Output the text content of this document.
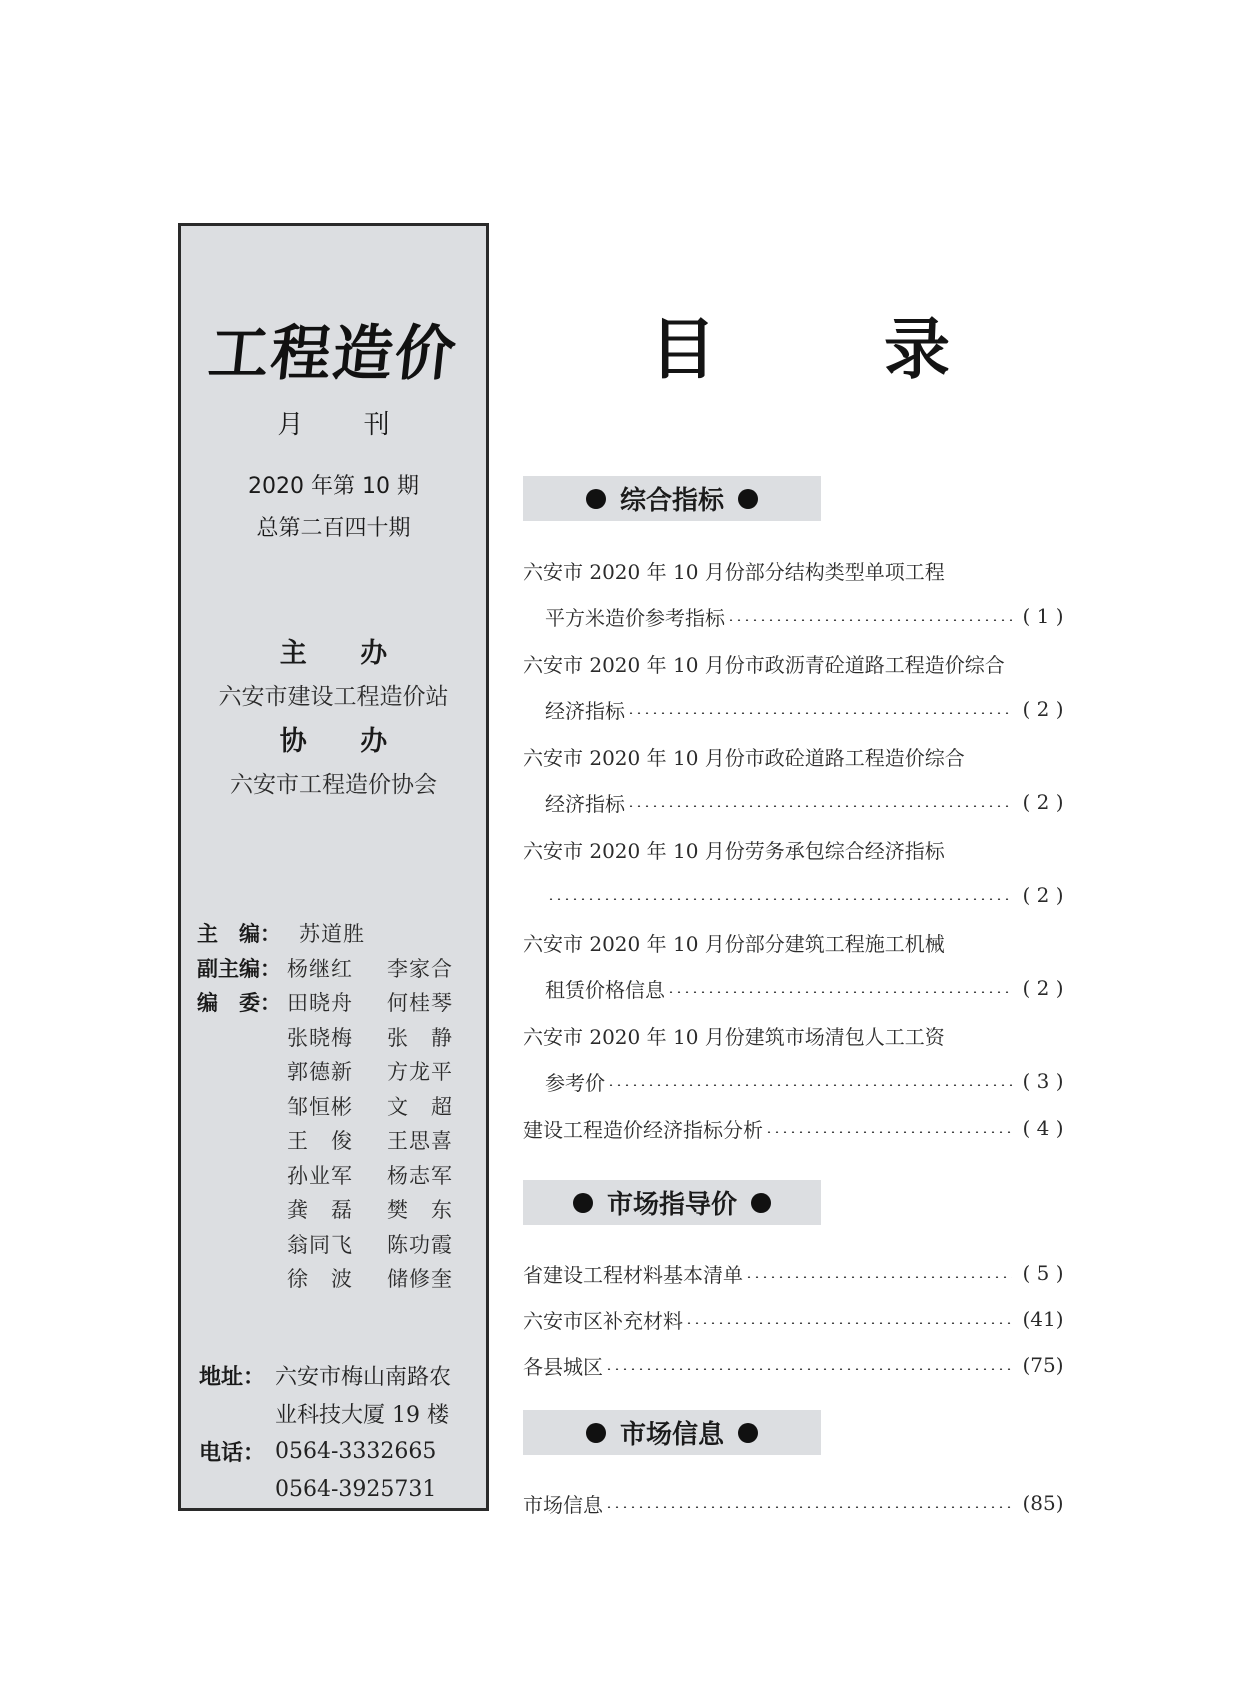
工程造价
月 刊
2020 年第 10 期
总第二百四十期
主 办
六安市建设工程造价站
协 办
六安市工程造价协会
主　编： 苏道胜
副主编： 杨继红	李家合
编　委： 田晓舟	何桂琴
张晓梅	张　静
郭德新	方龙平
邹恒彬	文　超
王　俊	王思喜
孙业军	杨志军
龚　磊	樊　东
翁同飞	陈功霞
徐　波	储修奎
地址： 六安市梅山南路农
业科技大厦 19 楼
电话： 0564-3332665
0564-3925731
目	录
综合指标
六安市 2020 年 10 月份部分结构类型单项工程
平方米造价参考指标	( 1 )
六安市 2020 年 10 月份市政沥青砼道路工程造价综合
经济指标	( 2 )
六安市 2020 年 10 月份市政砼道路工程造价综合
经济指标	( 2 )
六安市 2020 年 10 月份劳务承包综合经济指标
( 2 )
六安市 2020 年 10 月份部分建筑工程施工机械
租赁价格信息	( 2 )
六安市 2020 年 10 月份建筑市场清包人工工资
参考价	( 3 )
建设工程造价经济指标分析	( 4 )
市场指导价
省建设工程材料基本清单	( 5 )
六安市区补充材料	(41)
各县城区	(75)
市场信息
市场信息	(85)
